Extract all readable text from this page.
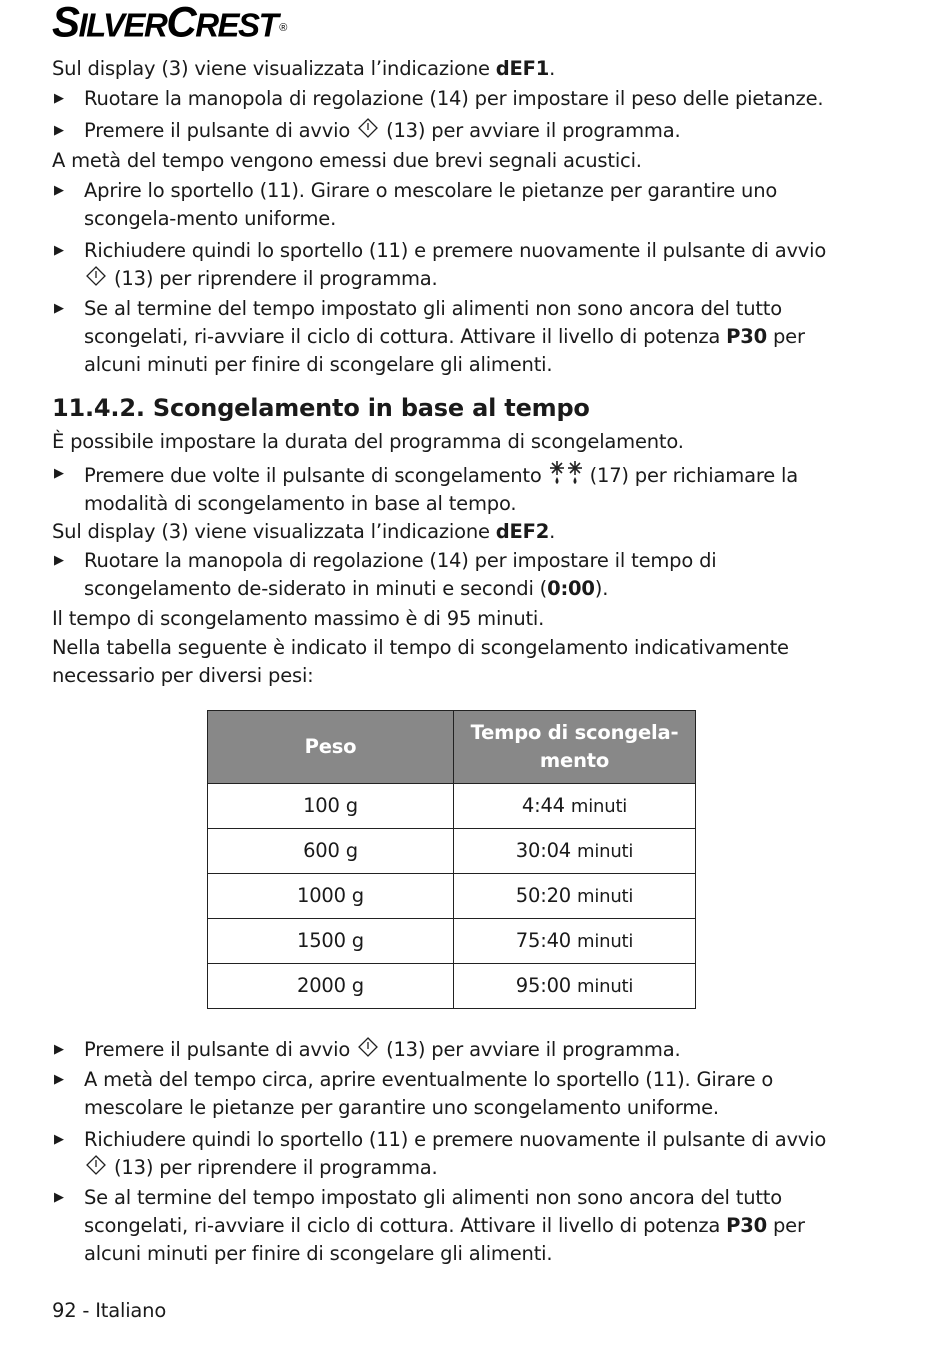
SILVERCREST ®

Sul display (3) viene visualizzata l’indicazione dEF1.

▶ Ruotare la manopola di regolazione (14) per impostare il peso delle pietanze.

▶ Premere il pulsante di avvio (13) per avviare il programma.

A metà del tempo vengono emessi due brevi segnali acustici.

▶ Aprire lo sportello (11). Girare o mescolare le pietanze per garantire uno scongela-mento uniforme.

▶ Richiudere quindi lo sportello (11) e premere nuovamente il pulsante di avvio  (13) per riprendere il programma.

▶ Se al termine del tempo impostato gli alimenti non sono ancora del tutto scongelati, ri-avviare il ciclo di cottura. Attivare il livello di potenza P30 per alcuni minuti per finire di scongelare gli alimenti.

11.4.2. Scongelamento in base al tempo

È possibile impostare la durata del programma di scongelamento.

▶ Premere due volte il pulsante di scongelamento (17) per richiamare la modalità di scongelamento in base al tempo.

Sul display (3) viene visualizzata l’indicazione dEF2.

▶ Ruotare la manopola di regolazione (14) per impostare il tempo di scongelamento de-siderato in minuti e secondi (0:00).

Il tempo di scongelamento massimo è di 95 minuti.

Nella tabella seguente è indicato il tempo di scongelamento indicativamente necessario per diversi pesi:

Peso	Tempo di scongela-mento
100 g	4:44 minuti
600 g	30:04 minuti
1000 g	50:20 minuti
1500 g	75:40 minuti
2000 g	95:00 minuti

▶ Premere il pulsante di avvio (13) per avviare il programma.

▶ A metà del tempo circa, aprire eventualmente lo sportello (11). Girare o mescolare le pietanze per garantire uno scongelamento uniforme.

▶ Richiudere quindi lo sportello (11) e premere nuovamente il pulsante di avvio  (13) per riprendere il programma.

▶ Se al termine del tempo impostato gli alimenti non sono ancora del tutto scongelati, ri-avviare il ciclo di cottura. Attivare il livello di potenza P30 per alcuni minuti per finire di scongelare gli alimenti.

92 - Italiano
